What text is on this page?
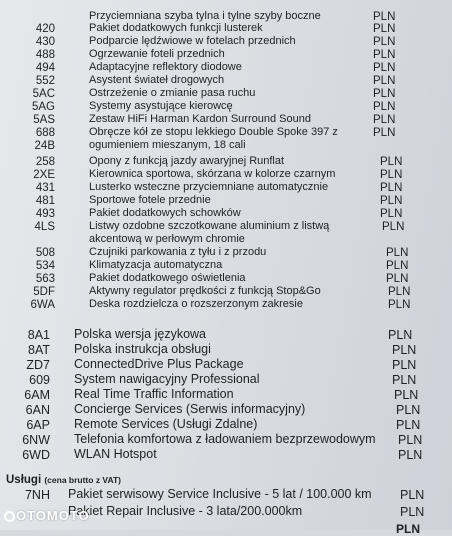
Przyciemniana szyba tylna i tylne szyby boczne	PLN
420	Pakiet dodatkowych funkcji lusterek	PLN
430	Podparcie lędźwiowe w fotelach przednich	PLN
488	Ogrzewanie foteli przednich	PLN
494	Adaptacyjne reflektory diodowe	PLN
552	Asystent świateł drogowych	PLN
5AC	Ostrzeżenie o zmianie pasa ruchu	PLN
5AG	Systemy asystujące kierowcę	PLN
5AS	Zestaw HiFi Harman Kardon Surround Sound	PLN
688	Obręcze kół ze stopu lekkiego Double Spoke 397 z	PLN
24B	ogumieniem mieszanym, 18 cali
258	Opony z funkcją jazdy awaryjnej Runflat	PLN
2XE	Kierownica sportowa, skórzana w kolorze czarnym	PLN
431	Lusterko wsteczne przyciemniane automatycznie	PLN
481	Sportowe fotele przednie	PLN
493	Pakiet dodatkowych schowków	PLN
4LS	Listwy ozdobne szczotkowane aluminium z listwą	PLN
akcentową w perłowym chromie
508	Czujniki parkowania z tyłu i z przodu	PLN
534	Klimatyzacja automatyczna	PLN
563	Pakiet dodatkowego oświetlenia	PLN
5DF	Aktywny regulator prędkości z funkcją Stop&Go	PLN
6WA	Deska rozdzielcza o rozszerzonym zakresie	PLN
8A1 Polska wersja językowa	PLN
8AT Polska instrukcja obsługi	PLN
ZD7 ConnectedDrive Plus Package	PLN
609 System nawigacyjny Professional	PLN
6AM Real Time Traffic Information	PLN
6AN Concierge Services (Serwis informacyjny)	PLN
6AP Remote Services (Usługi Zdalne)	PLN
6NW Telefonia komfortowa z ładowaniem bezprzewodowym PLN
6WD WLAN Hotspot	PLN
7NH Pakiet serwisowy Service Inclusive - 5 lat / 100.000 km PLN
Pakiet Repair Inclusive - 3 lata/200.000km	PLN
Usługi (cena brutto z VAT)
OTOMOTO
PLN
